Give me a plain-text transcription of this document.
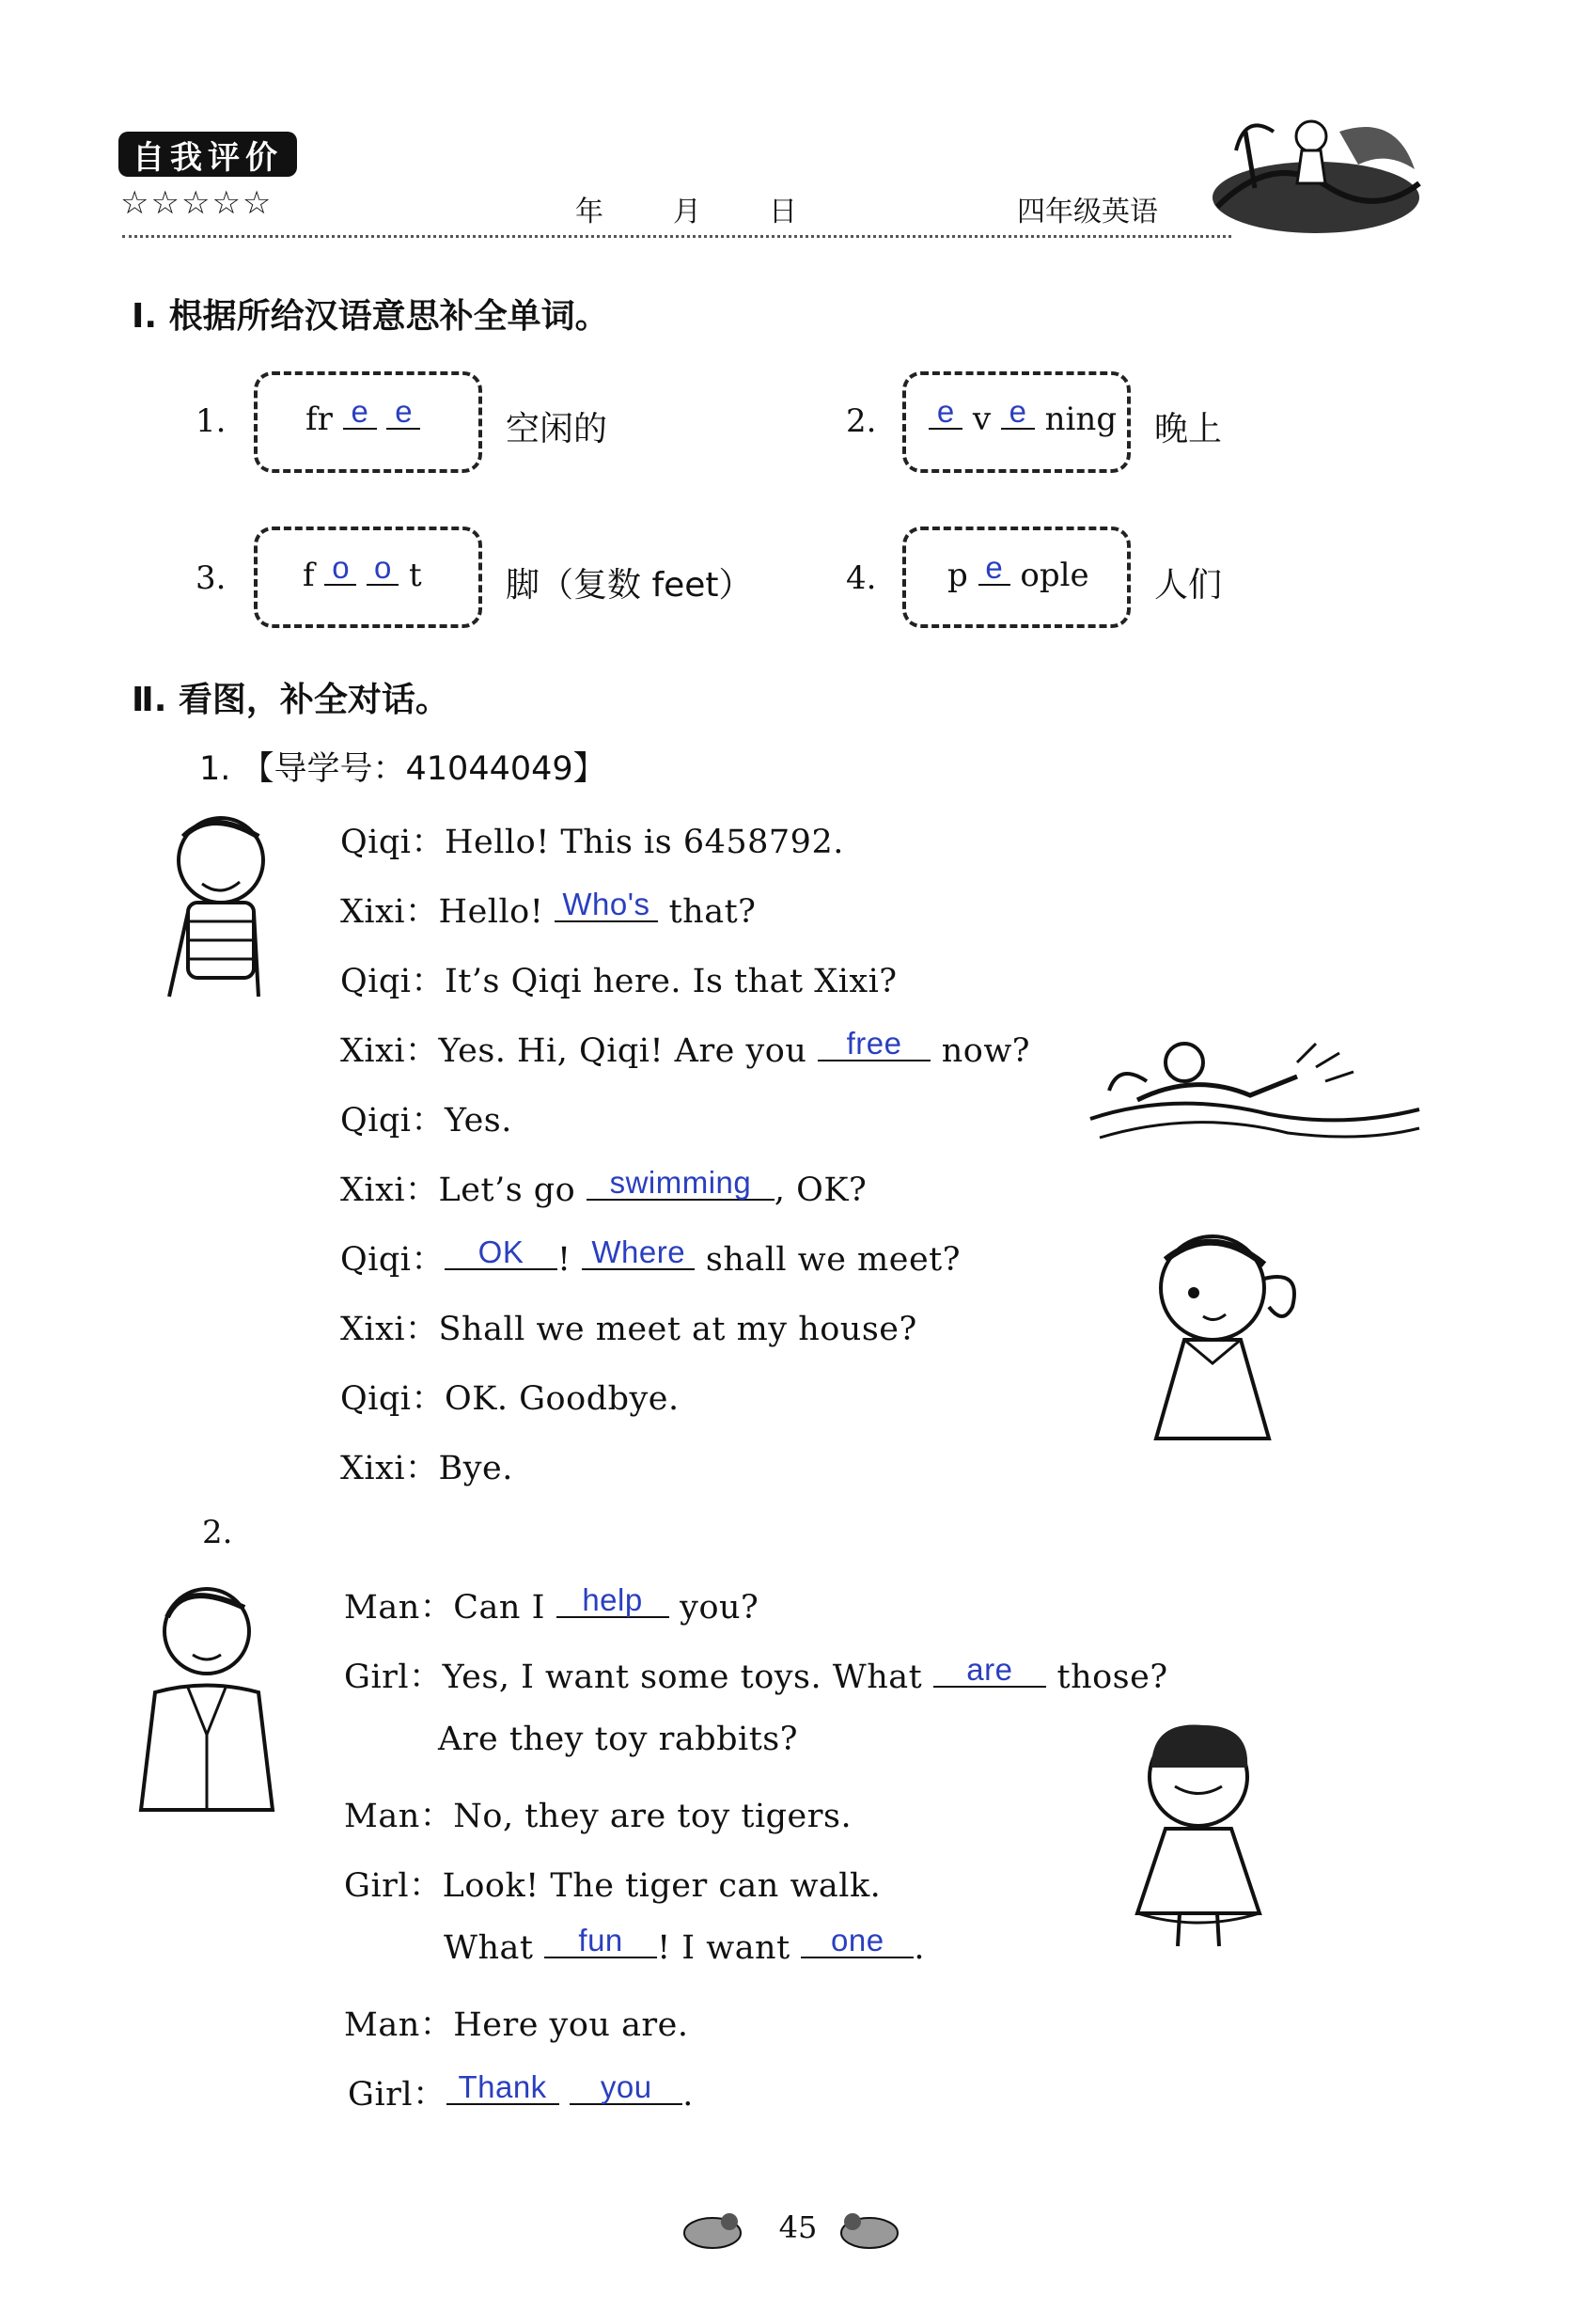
自我评价
☆☆☆☆☆	年 月 日	四年级英语
Ⅰ. 根据所给汉语意思补全单词。
1. fr e e	空闲的	2. e v e ning 晚上
3. f o o t 脚（复数 feet）	4. p e ople 人们
Ⅱ. 看图，补全对话。
1. 【导学号：41044049】
Qiqi：Hello! This is 6458792.
Xixi：Hello! Who's that?
Qiqi：It’s Qiqi here. Is that Xixi?
Xixi：Yes. Hi, Qiqi! Are you free now?
Qiqi：Yes.
Xixi：Let’s go swimming , OK?
Qiqi： OK ! Where shall we meet?
Xixi：Shall we meet at my house?
Qiqi：OK. Goodbye.
Xixi：Bye.
2.
Man：Can I help you?
Girl：Yes, I want some toys. What are those?
Are they toy rabbits?
Man：No, they are toy tigers.
Girl：Look! The tiger can walk.
What fun ! I want one .
Man：Here you are.
Girl： Thank you .
45
